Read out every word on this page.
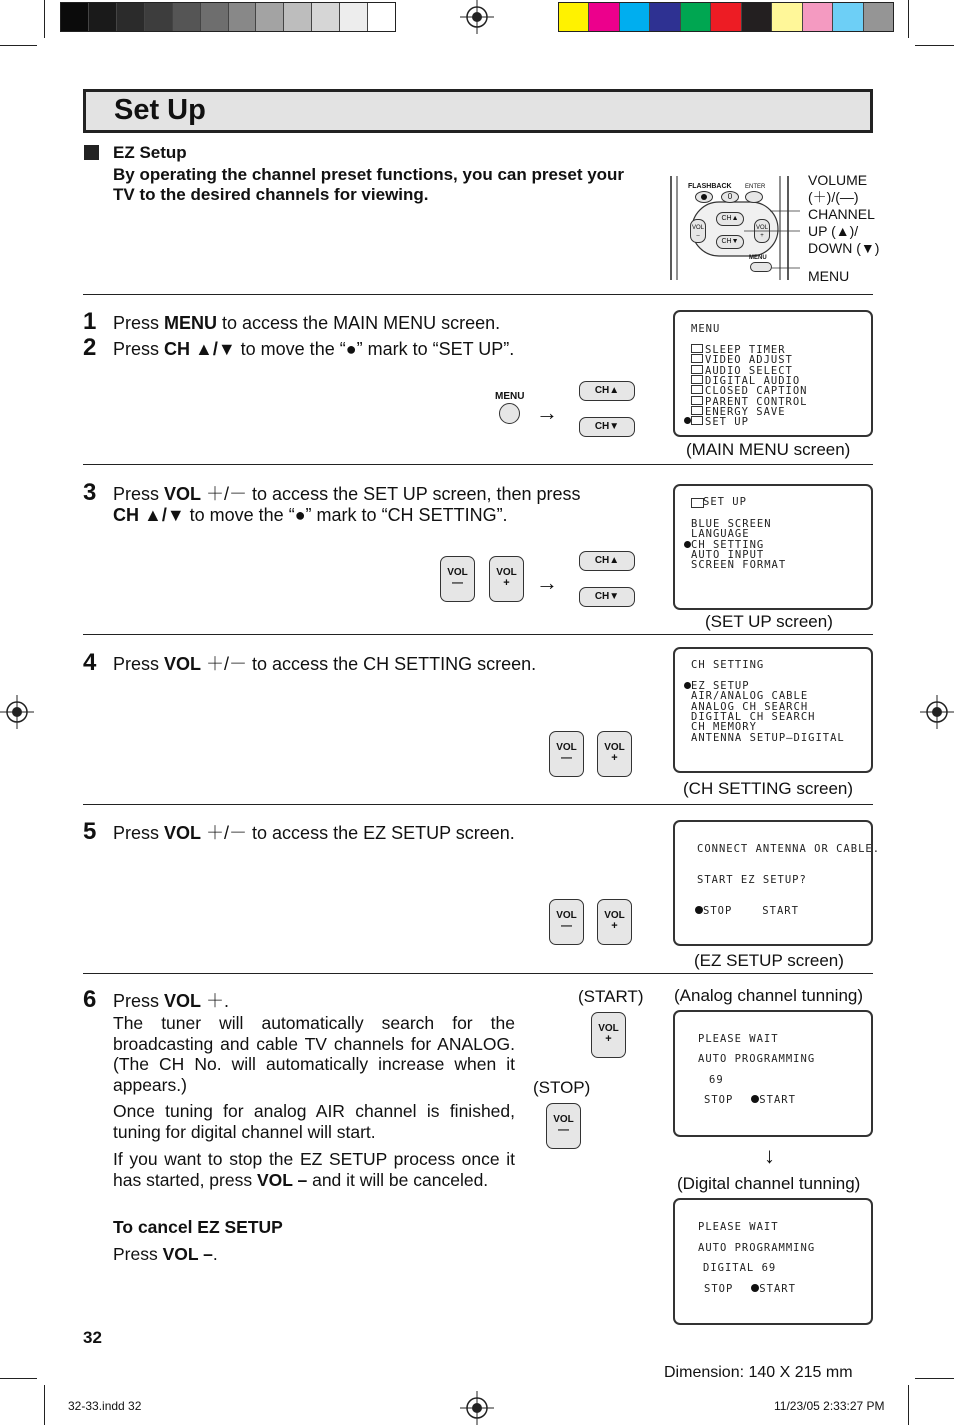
Set Up
EZ Setup
By operating the channel preset functions, you can preset your TV to the desired channels for viewing.	FLASHBACK
0
ENTER
CH▲
CH▼
VOL –
VOL +
MENU
VOLUME
(＋)/(—)
CHANNEL
UP (▲)/
DOWN (▼)
MENU
1 Press MENU to access the MAIN MENU screen.
2 Press CH ▲/▼ to move the “●” mark to “SET UP”.
MENU
→
CH▲
CH▼
MENU
SLEEP TIMER
VIDEO ADJUST
AUDIO SELECT
DIGITAL AUDIO
CLOSED CAPTION
PARENT CONTROL
ENERGY SAVE
SET UP
(MAIN MENU screen)
3 Press VOL ＋/－ to access the SET UP screen, then press
CH ▲/▼ to move the “●” mark to “CH SETTING”.
VOL
—
VOL
+	→
CH▲
CH▼
SET UP
BLUE SCREEN
LANGUAGE
CH SETTING
AUTO INPUT
SCREEN FORMAT
(SET UP screen)
4 Press VOL ＋/－ to access the CH SETTING screen.
VOL
—
VOL
+
CH SETTING
EZ SETUP
AIR/ANALOG CABLE
ANALOG CH SEARCH
DIGITAL CH SEARCH
CH MEMORY
ANTENNA SETUP–DIGITAL
(CH SETTING screen)
5 Press VOL ＋/－ to access the EZ SETUP screen.
VOL
—
VOL
+
CONNECT ANTENNA OR CABLE.
START EZ SETUP?
STOP	START
(EZ SETUP screen)
6 Press VOL ＋.
The tuner will automatically search for the broadcasting and cable TV channels for ANALOG. (The CH No. will automatically increase when it appears.)
Once tuning for analog AIR channel is finished, tuning for digital channel will start.
If you want to stop the EZ SETUP process once it has started, press VOL – and it will be canceled.
To cancel EZ SETUP
Press VOL –.
(START)
VOL
+
(STOP)
VOL
—
(Analog channel tunning)
PLEASE WAIT
AUTO PROGRAMMING
69
STOP START
↓
(Digital channel tunning)
PLEASE WAIT
AUTO PROGRAMMING
DIGITAL 69
STOP START
32
Dimension: 140 X 215 mm
32-33.indd 32	11/23/05 2:33:27 PM
